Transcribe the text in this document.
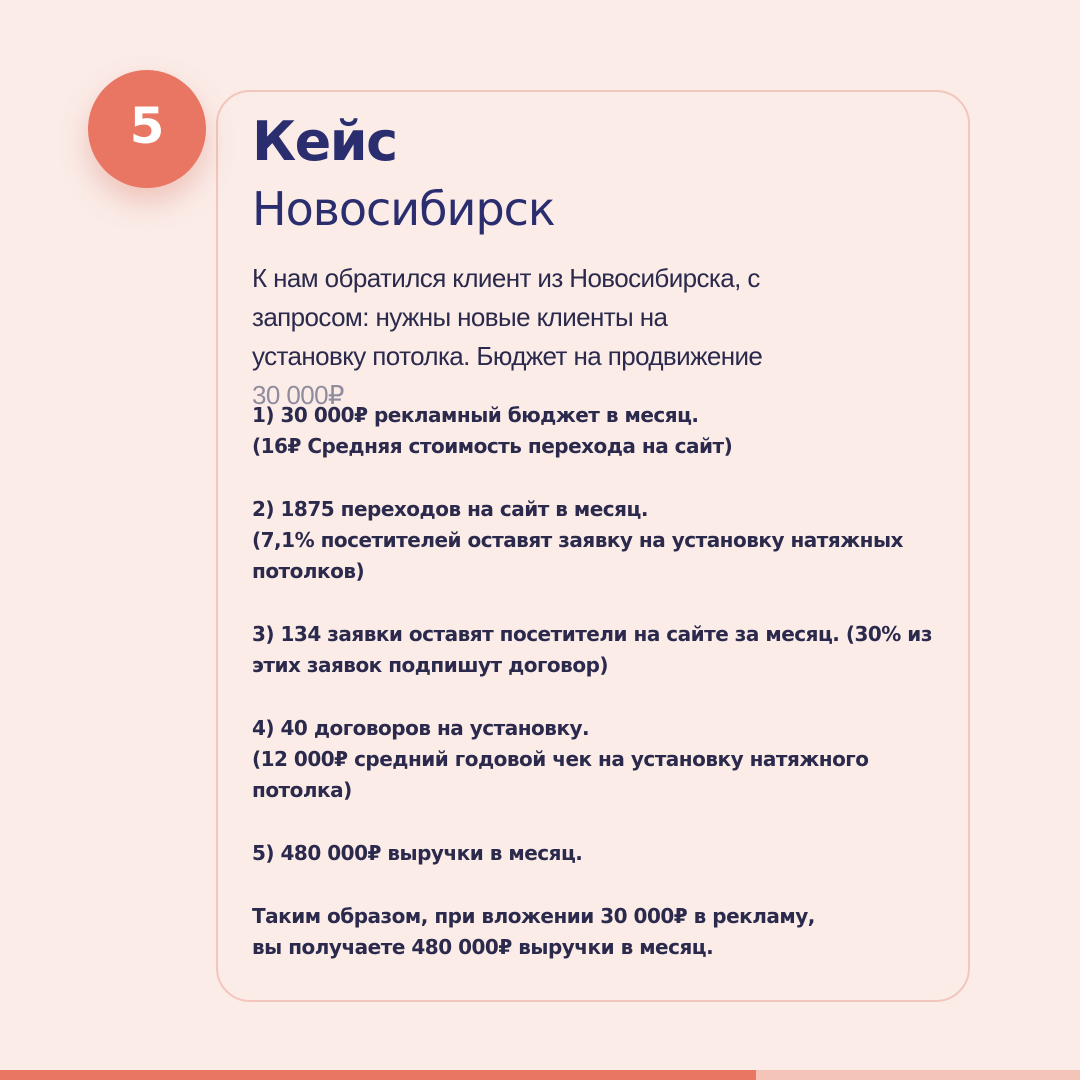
5 Кейс
Новосибирск
К нам обратился клиент из Новосибирска, с
запросом: нужны новые клиенты на
установку потолка. Бюджет на продвижение
30 000₽

1) 30 000₽ рекламный бюджет в месяц.

(16₽ Средняя стоимость перехода на сайт)

2) 1875 переходов на сайт в месяц.

(7,1% посетителей оставят заявку на установку натяжных

потолков)

3) 134 заявки оставят посетители на сайте за месяц. (30% из

этих заявок подпишут договор)

4) 40 договоров на установку.

(12 000₽ средний годовой чек на установку натяжного

потолка)

5) 480 000₽ выручки в месяц.

Таким образом, при вложении 30 000₽ в рекламу,

вы получаете 480 000₽ выручки в месяц.
